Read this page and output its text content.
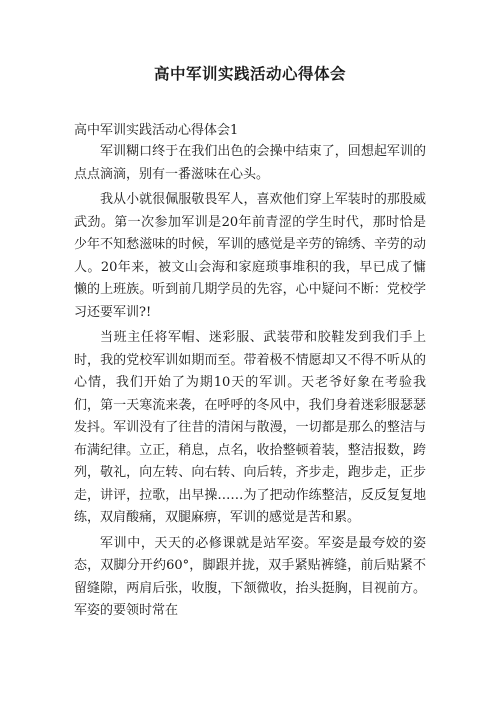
高中军训实践活动心得体会
高中军训实践活动心得体会1

军训糊口终于在我们出色的会操中结束了，回想起军训的点点滴滴，别有一番滋味在心头。

我从小就很佩服敬畏军人，喜欢他们穿上军装时的那股威武劲。第一次参加军训是20年前青涩的学生时代，那时恰是少年不知愁滋味的时候，军训的感觉是辛劳的锦绣、辛劳的动人。20年来，被文山会海和家庭琐事堆积的我，早已成了慵懒的上班族。听到前几期学员的先容，心中疑问不断：党校学习还要军训?!

当班主任将军帽、迷彩服、武装带和胶鞋发到我们手上时，我的党校军训如期而至。带着极不情愿却又不得不听从的心情，我们开始了为期10天的军训。天老爷好象在考验我们，第一天寒流来袭，在呼呼的冬风中，我们身着迷彩服瑟瑟发抖。军训没有了往昔的清闲与散漫，一切都是那么的整洁与布满纪律。立正，稍息，点名，收拾整顿着装，整洁报数，跨列，敬礼，向左转、向右转、向后转，齐步走，跑步走，正步走，讲评，拉歌，出早操……为了把动作练整洁，反反复复地练，双肩酸痛，双腿麻痹，军训的感觉是苦和累。

军训中，天天的必修课就是站军姿。军姿是最夸姣的姿态，双脚分开约60°，脚跟并拢，双手紧贴裤缝，前后贴紧不留缝隙，两肩后张，收腹，下颔微收，抬头挺胸，目视前方。军姿的要领时常在
